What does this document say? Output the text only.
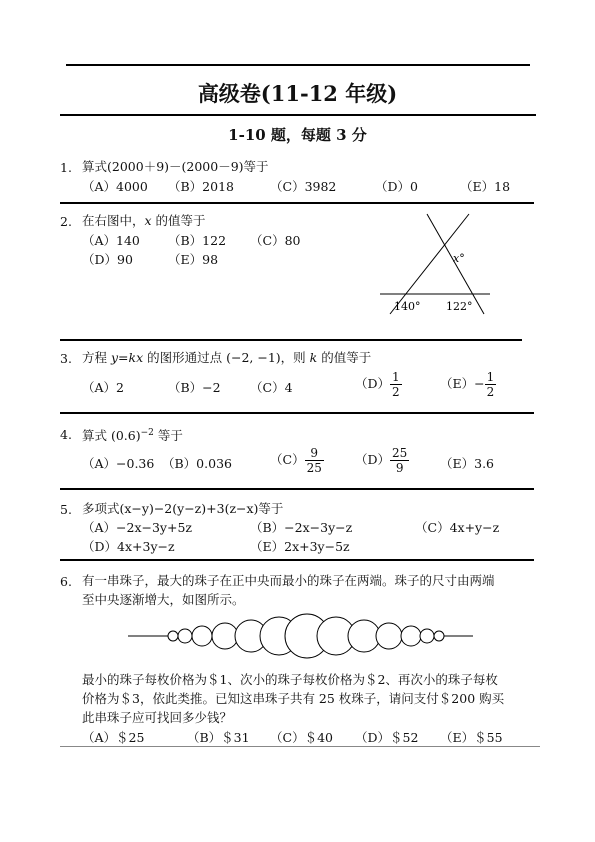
高级卷(11-12 年级)
1-10 题，每题 3 分
1. 算式(2000＋9)－(2000－9)等于
（A）4000 （B）2018	（C）3982	（D）0	（E）18
2. 在右图中，x 的值等于
（A）140 （B）122 （C）80
（D）90	（E）98	x°
140° 122°
3. 方程 y=kx 的图形通过点 (−2, −1)，则 k 的值等于
（A）2	（B）−2 （C）4	$(D) \frac{1}{2}$	$(E)- \frac{1}{2}$
4. 算式 $(0.6)^{-2}$ 等于
（A）−0.36 （B）0.036	$(C) \frac{9}{25} (D) \frac{25}{9} (E)3.6$
5. 多项式(x−y)−2(y−z)+3(z−x)等于
（A）−2x−3y+5z	（B）−2x−3y−z	（C）4x+y−z
（D）4x+3y−z	（E）2x+3y−5z
6. 有一串珠子，最大的珠子在正中央而最小的珠子在两端。珠子的尺寸由两端
至中央逐渐增大，如图所示。
最小的珠子每枚价格为＄1、次小的珠子每枚价格为＄2、再次小的珠子每枚
价格为＄3，依此类推。已知这串珠子共有 25 枚珠子，请问支付＄200 购买
此串珠子应可找回多少钱？
（A）＄25	（B）＄31 （C）＄40 （D）＄52 （E）＄55
